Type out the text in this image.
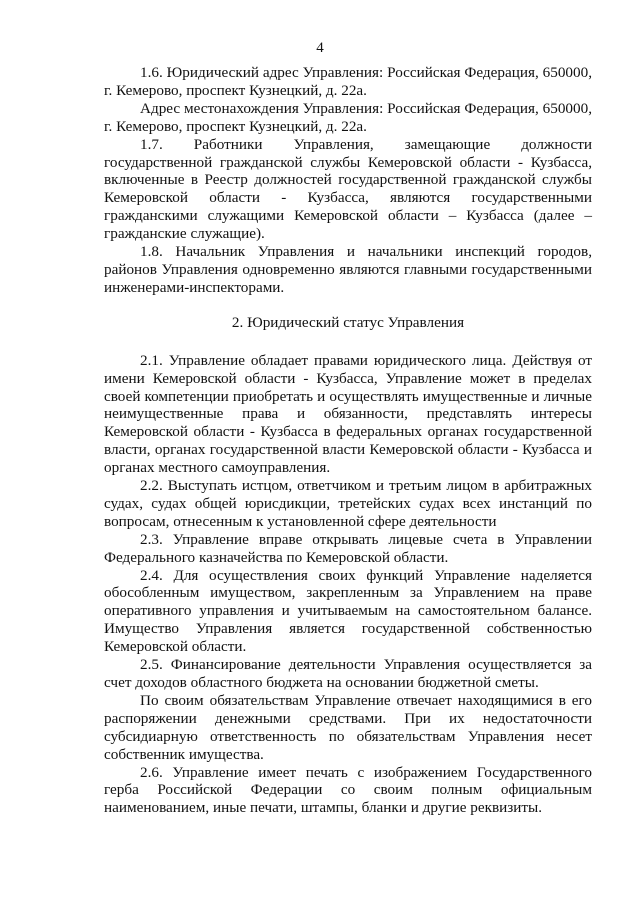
4

1.6. Юридический адрес Управления: Российская Федерация, 650000, г. Кемерово, проспект Кузнецкий, д. 22а.

Адрес местонахождения Управления: Российская Федерация, 650000, г. Кемерово, проспект Кузнецкий, д. 22а.

1.7. Работники Управления, замещающие должности государственной гражданской службы Кемеровской области - Кузбасса, включенные в Реестр должностей государственной гражданской службы Кемеровской области - Кузбасса, являются государственными гражданскими служащими Кемеровской области – Кузбасса (далее – гражданские служащие).

1.8. Начальник Управления и начальники инспекций городов, районов Управления одновременно являются главными государственными инженерами-инспекторами.

2. Юридический статус Управления

2.1. Управление обладает правами юридического лица. Действуя от имени Кемеровской области - Кузбасса, Управление может в пределах своей компетенции приобретать и осуществлять имущественные и личные неимущественные права и обязанности, представлять интересы Кемеровской области - Кузбасса в федеральных органах государственной власти, органах государственной власти Кемеровской области - Кузбасса и органах местного самоуправления.

2.2. Выступать истцом, ответчиком и третьим лицом в арбитражных судах, судах общей юрисдикции, третейских судах всех инстанций по вопросам, отнесенным к установленной сфере деятельности

2.3. Управление вправе открывать лицевые счета в Управлении Федерального казначейства по Кемеровской области.

2.4. Для осуществления своих функций Управление наделяется обособленным имуществом, закрепленным за Управлением на праве оперативного управления и учитываемым на самостоятельном балансе. Имущество Управления является государственной собственностью Кемеровской области.

2.5. Финансирование деятельности Управления осуществляется за счет доходов областного бюджета на основании бюджетной сметы.

По своим обязательствам Управление отвечает находящимися в его распоряжении денежными средствами. При их недостаточности субсидиарную ответственность по обязательствам Управления несет собственник имущества.

2.6. Управление имеет печать с изображением Государственного герба Российской Федерации со своим полным официальным наименованием, иные печати, штампы, бланки и другие реквизиты.
